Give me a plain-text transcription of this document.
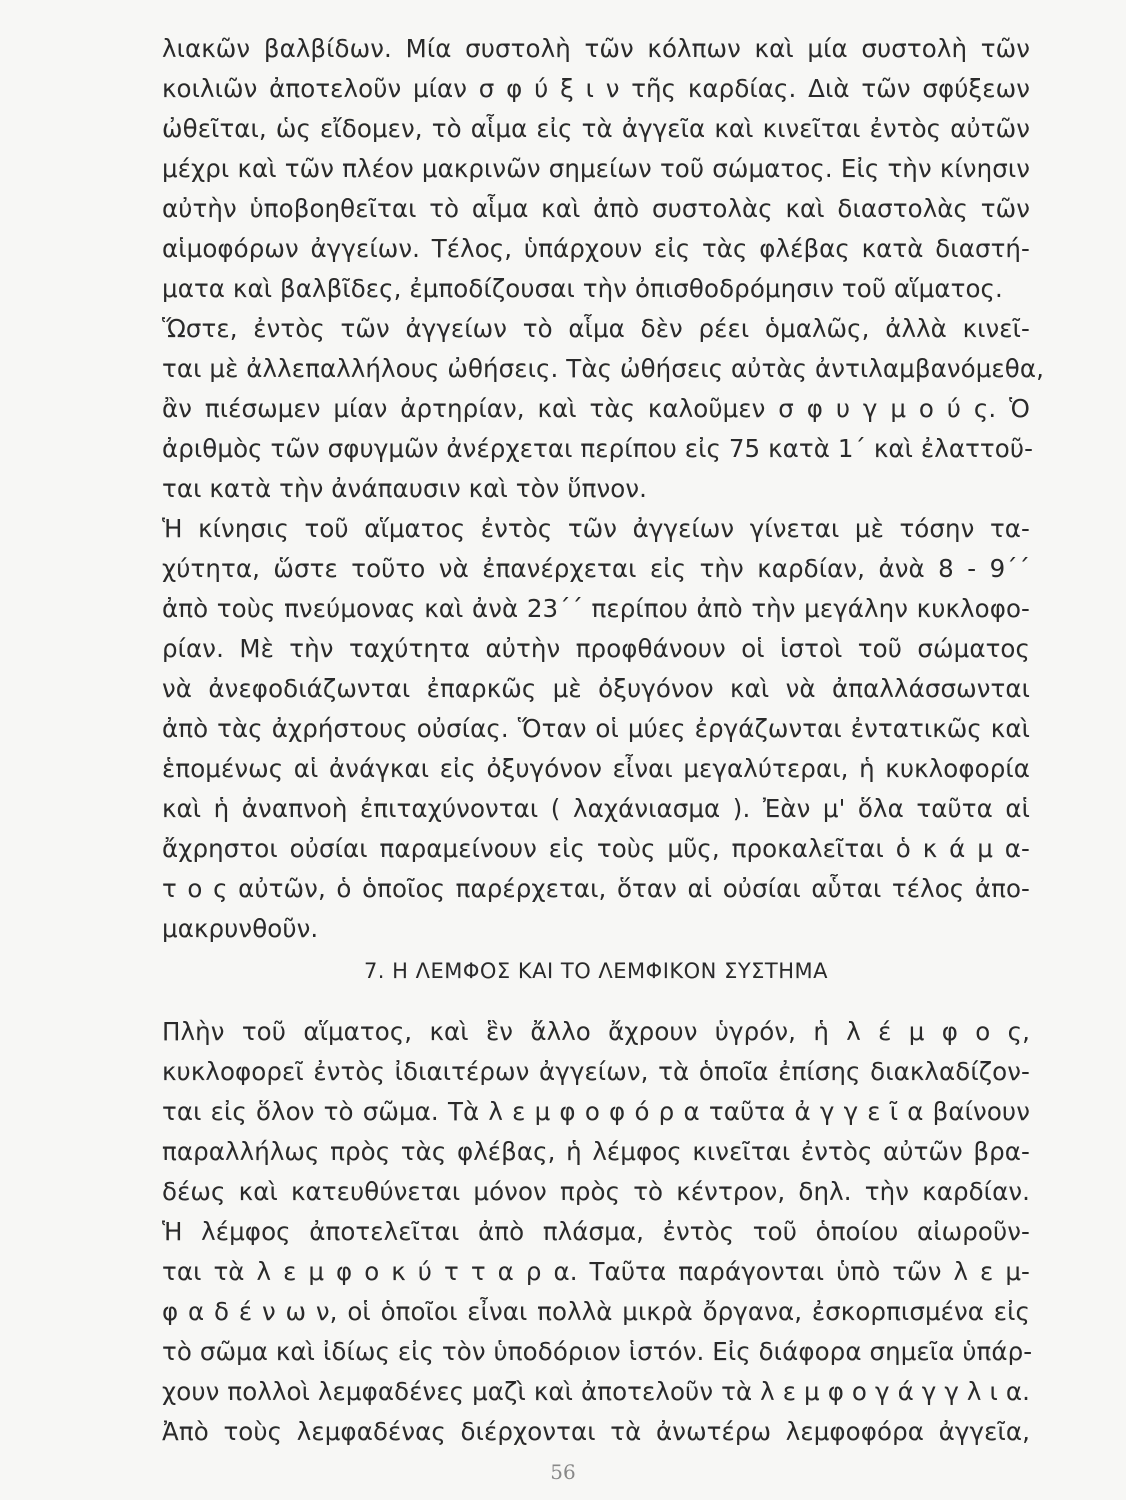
λιακῶν βαλβίδων. Μία συστολὴ τῶν κόλπων καὶ μία συστολὴ τῶν
κοιλιῶν ἀποτελοῦν μίαν σ φ ύ ξ ι ν τῆς καρδίας. Διὰ τῶν σφύξεων
ὠθεῖται, ὡς εἴδομεν, τὸ αἷμα εἰς τὰ ἀγγεῖα καὶ κινεῖται ἐντὸς αὐτῶν
μέχρι καὶ τῶν πλέον μακρινῶν σημείων τοῦ σώματος. Εἰς τὴν κίνησιν
αὐτὴν ὑποβοηθεῖται τὸ αἷμα καὶ ἀπὸ συστολὰς καὶ διαστολὰς τῶν
αἱμοφόρων ἀγγείων. Τέλος, ὑπάρχουν εἰς τὰς φλέβας κατὰ διαστή-
ματα καὶ βαλβῖδες, ἐμποδίζουσαι τὴν ὀπισθοδρόμησιν τοῦ αἵματος.
Ὥστε, ἐντὸς τῶν ἀγγείων τὸ αἷμα δὲν ρέει ὁμαλῶς, ἀλλὰ κινεῖ-
ται μὲ ἀλλεπαλλήλους ὠθήσεις. Τὰς ὠθήσεις αὐτὰς ἀντιλαμβανόμεθα,
ἂν πιέσωμεν μίαν ἀρτηρίαν, καὶ τὰς καλοῦμεν σ φ υ γ μ ο ύ ς. Ὁ
ἀριθμὸς τῶν σφυγμῶν ἀνέρχεται περίπου εἰς 75 κατὰ 1΄ καὶ ἐλαττοῦ-
ται κατὰ τὴν ἀνάπαυσιν καὶ τὸν ὕπνον.
Ἡ κίνησις τοῦ αἵματος ἐντὸς τῶν ἀγγείων γίνεται μὲ τόσην τα-
χύτητα, ὥστε τοῦτο νὰ ἐπανέρχεται εἰς τὴν καρδίαν, ἀνὰ 8 - 9΄΄
ἀπὸ τοὺς πνεύμονας καὶ ἀνὰ 23΄΄ περίπου ἀπὸ τὴν μεγάλην κυκλοφο-
ρίαν. Μὲ τὴν ταχύτητα αὐτὴν προφθάνουν οἱ ἱστοὶ τοῦ σώματος
νὰ ἀνεφοδιάζωνται ἐπαρκῶς μὲ ὀξυγόνον καὶ νὰ ἀπαλλάσσωνται
ἀπὸ τὰς ἀχρήστους οὐσίας. Ὅταν οἱ μύες ἐργάζωνται ἐντατικῶς καὶ
ἑπομένως αἱ ἀνάγκαι εἰς ὀξυγόνον εἶναι μεγαλύτεραι, ἡ κυκλοφορία
καὶ ἡ ἀναπνοὴ ἐπιταχύνονται ( λαχάνιασμα ). Ἐὰν μ' ὅλα ταῦτα αἱ
ἄχρηστοι οὐσίαι παραμείνουν εἰς τοὺς μῦς, προκαλεῖται ὁ κ ά μ α-
τ ο ς αὐτῶν, ὁ ὁποῖος παρέρχεται, ὅταν αἱ οὐσίαι αὗται τέλος ἀπο-
μακρυνθοῦν.
7. Η ΛΕΜΦΟΣ ΚΑΙ ΤΟ ΛΕΜΦΙΚΟΝ ΣΥΣΤΗΜΑ
Πλὴν τοῦ αἵματος, καὶ ἓν ἄλλο ἄχρουν ὑγρόν, ἡ λ έ μ φ ο ς,
κυκλοφορεῖ ἐντὸς ἰδιαιτέρων ἀγγείων, τὰ ὁποῖα ἐπίσης διακλαδίζον-
ται εἰς ὅλον τὸ σῶμα. Τὰ λ ε μ φ ο φ ό ρ α ταῦτα ἀ γ γ ε ῖ α βαίνουν
παραλλήλως πρὸς τὰς φλέβας, ἡ λέμφος κινεῖται ἐντὸς αὐτῶν βρα-
δέως καὶ κατευθύνεται μόνον πρὸς τὸ κέντρον, δηλ. τὴν καρδίαν.
Ἡ λέμφος ἀποτελεῖται ἀπὸ πλάσμα, ἐντὸς τοῦ ὁποίου αἰωροῦν-
ται τὰ λ ε μ φ ο κ ύ τ τ α ρ α. Ταῦτα παράγονται ὑπὸ τῶν λ ε μ-
φ α δ έ ν ω ν, οἱ ὁποῖοι εἶναι πολλὰ μικρὰ ὄργανα, ἐσκορπισμένα εἰς
τὸ σῶμα καὶ ἰδίως εἰς τὸν ὑποδόριον ἱστόν. Εἰς διάφορα σημεῖα ὑπάρ-
χουν πολλοὶ λεμφαδένες μαζὶ καὶ ἀποτελοῦν τὰ λ ε μ φ ο γ ά γ γ λ ι α.
Ἀπὸ τοὺς λεμφαδένας διέρχονται τὰ ἀνωτέρω λεμφοφόρα ἀγγεῖα,
56
